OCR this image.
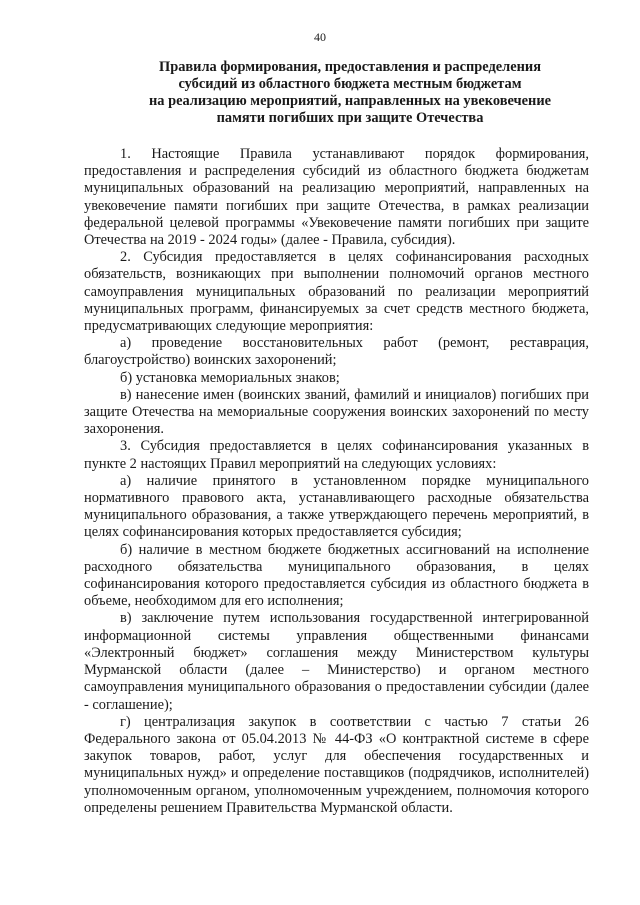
40
Правила формирования, предоставления и распределения
субсидий из областного бюджета местным бюджетам
на реализацию мероприятий, направленных на увековечение
памяти погибших при защите Отечества

1. Настоящие Правила устанавливают порядок формирования, предоставления и распределения субсидий из областного бюджета бюджетам муниципальных образований на реализацию мероприятий, направленных на увековечение памяти погибших при защите Отечества, в рамках реализации федеральной целевой программы «Увековечение памяти погибших при защите Отечества на 2019 - 2024 годы» (далее - Правила, субсидия).

2. Субсидия предоставляется в целях софинансирования расходных обязательств, возникающих при выполнении полномочий органов местного самоуправления муниципальных образований по реализации мероприятий муниципальных программ, финансируемых за счет средств местного бюджета, предусматривающих следующие мероприятия:

а) проведение восстановительных работ (ремонт, реставрация, благоустройство) воинских захоронений;

б) установка мемориальных знаков;

в) нанесение имен (воинских званий, фамилий и инициалов) погибших при защите Отечества на мемориальные сооружения воинских захоронений по месту захоронения.

3. Субсидия предоставляется в целях софинансирования указанных в пункте 2 настоящих Правил мероприятий на следующих условиях:

а) наличие принятого в установленном порядке муниципального нормативного правового акта, устанавливающего расходные обязательства муниципального образования, а также утверждающего перечень мероприятий, в целях софинансирования которых предоставляется субсидия;

б) наличие в местном бюджете бюджетных ассигнований на исполнение расходного обязательства муниципального образования, в целях софинансирования которого предоставляется субсидия из областного бюджета в объеме, необходимом для его исполнения;

в) заключение путем использования государственной интегрированной информационной системы управления общественными финансами «Электронный бюджет» соглашения между Министерством культуры Мурманской области (далее – Министерство) и органом местного самоуправления муниципального образования о предоставлении субсидии (далее - соглашение);

г) централизация закупок в соответствии с частью 7 статьи 26 Федерального закона от 05.04.2013 № 44-ФЗ «О контрактной системе в сфере закупок товаров, работ, услуг для обеспечения государственных и муниципальных нужд» и определение поставщиков (подрядчиков, исполнителей) уполномоченным органом, уполномоченным учреждением, полномочия которого определены решением Правительства Мурманской области.
